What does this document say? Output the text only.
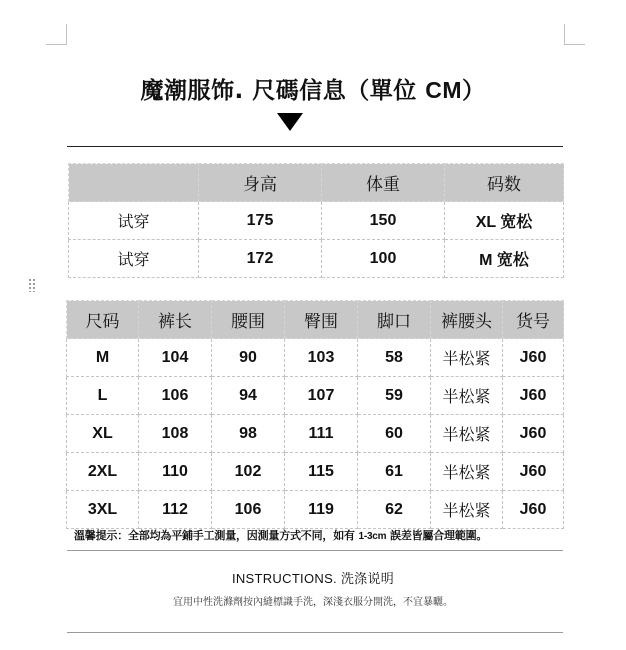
魔潮服饰. 尺碼信息（單位 CM）
	身高	体重	码数
试穿	175	150	XL 宽松
试穿	172	100	M 宽松
尺码	裤长	腰围	臀围	脚口	裤腰头	货号
M	104	90	103	58	半松紧	J60
L	106	94	107	59	半松紧	J60
XL	108	98	111	60	半松紧	J60
2XL	110	102	115	61	半松紧	J60
3XL	112	106	119	62	半松紧	J60
溫馨提示：全部均為平鋪手工測量，因測量方式不同，如有 1-3cm 誤差皆屬合理範圍。
INSTRUCTIONS. 洗涤说明
宜用中性洗滌劑按內縫標識手洗，深淺衣服分開洗，不宜暴曬。
